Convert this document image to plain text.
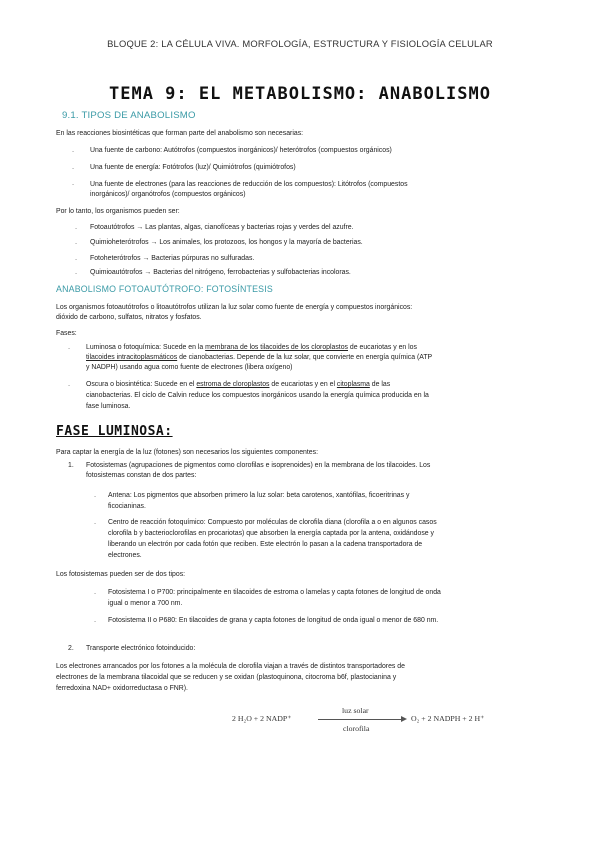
BLOQUE 2: LA CÉLULA VIVA. MORFOLOGÍA, ESTRUCTURA Y FISIOLOGÍA CELULAR
TEMA 9: EL METABOLISMO: ANABOLISMO
9.1. TIPOS DE ANABOLISMO
En las reacciones biosintéticas que forman parte del anabolismo son necesarias:
· Una fuente de carbono: Autótrofos (compuestos inorgánicos)/ heterótrofos (compuestos orgánicos)
· Una fuente de energía: Fotótrofos (luz)/ Quimiótrofos (quimiótrofos)
· Una fuente de electrones (para las reacciones de reducción de los compuestos): Litótrofos (compuestos
inorgánicos)/ organótrofos (compuestos orgánicos)
Por lo tanto, los organismos pueden ser:
· Fotoautótrofos → Las plantas, algas, cianofíceas y bacterias rojas y verdes del azufre.
· Quimioheterótrofos → Los animales, los protozoos, los hongos y la mayoría de bacterias.
· Fotoheterótrofos → Bacterias púrpuras no sulfuradas.
· Quimioautótrofos → Bacterias del nitrógeno, ferrobacterias y sulfobacterias incoloras.
ANABOLISMO FOTOAUTÓTROFO: FOTOSÍNTESIS
Los organismos fotoautótrofos o litoautótrofos utilizan la luz solar como fuente de energía y compuestos inorgánicos:
dióxido de carbono, sulfatos, nitratos y fosfatos.
Fases:
· Luminosa o fotoquímica: Sucede en la membrana de los tilacoides de los cloroplastos de eucariotas y en los
tilacoides intracitoplasmáticos de cianobacterias. Depende de la luz solar, que convierte en energía química (ATP
y NADPH) usando agua como fuente de electrones (libera oxígeno)
· Oscura o biosintética: Sucede en el estroma de cloroplastos de eucariotas y en el citoplasma de las
cianobacterias. El ciclo de Calvin reduce los compuestos inorgánicos usando la energía química producida en la
fase luminosa.
FASE LUMINOSA:
Para captar la energía de la luz (fotones) son necesarios los siguientes componentes:
1. Fotosistemas (agrupaciones de pigmentos como clorofilas e isoprenoides) en la membrana de los tilacoides. Los
fotosistemas constan de dos partes:
· Antena: Los pigmentos que absorben primero la luz solar: beta carotenos, xantófilas, ficoeritrinas y
ficocianinas.
· Centro de reacción fotoquímico: Compuesto por moléculas de clorofila diana (clorofila a o en algunos casos
clorofila b y bacterioclorofilas en procariotas) que absorben la energía captada por la antena, oxidándose y
liberando un electrón por cada fotón que reciben. Este electrón lo pasan a la cadena transportadora de
electrones.
Los fotosistemas pueden ser de dos tipos:
· Fotosistema I o P700: principalmente en tilacoides de estroma o lamelas y capta fotones de longitud de onda
igual o menor a 700 nm.
· Fotosistema II o P680: En tilacoides de grana y capta fotones de longitud de onda igual o menor de 680 nm.
2. Transporte electrónico fotoinducido:
Los electrones arrancados por los fotones a la molécula de clorofila viajan a través de distintos transportadores de
electrones de la membrana tilacoidal que se reducen y se oxidan (plastoquinona, citocroma b6f, plastocianina y
ferredoxina NAD+ oxidorreductasa o FNR).
2 H₂O + 2 NADP⁺
luz solar
clorofila
O₂ + 2 NADPH + 2 H⁺
